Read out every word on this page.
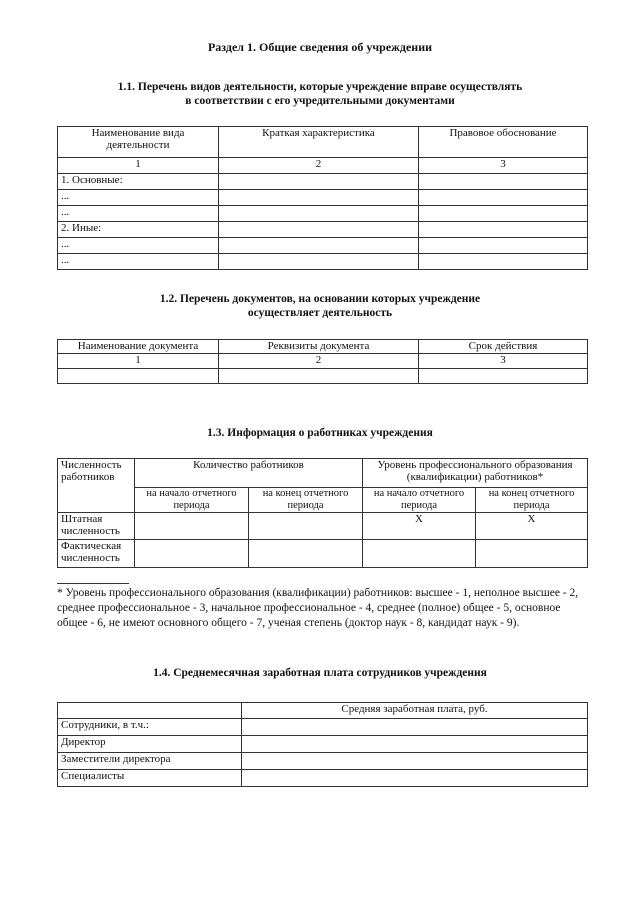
Раздел 1. Общие сведения об учреждении
1.1. Перечень видов деятельности, которые учреждение вправе осуществлять
в соответствии с его учредительными документами
Наименование вида деятельности	Краткая характеристика	Правовое обоснование
1	2	3
1. Основные:		
...		
...		
2. Иные:		
...		
...		
1.2. Перечень документов, на основании которых учреждение
осуществляет деятельность
Наименование документа	Реквизиты документа	Срок действия
1	2	3

1.3. Информация о работниках учреждения
Численность работников	Количество работников		Уровень профессионального образования (квалификации) работников*	
	на начало отчетного периода	на конец отчетного периода	на начало отчетного периода	на конец отчетного периода
Штатная численность			X	X
Фактическая численность				
* Уровень профессионального образования (квалификации) работников: высшее - 1, неполное высшее - 2, среднее профессиональное - 3, начальное профессиональное - 4, среднее (полное) общее - 5, основное общее - 6, не имеют основного общего - 7, ученая степень (доктор наук - 8, кандидат наук - 9).
1.4. Среднемесячная заработная плата сотрудников учреждения
	Средняя заработная плата, руб.
Сотрудники, в т.ч.:	
Директор	
Заместители директора	
Специалисты	
